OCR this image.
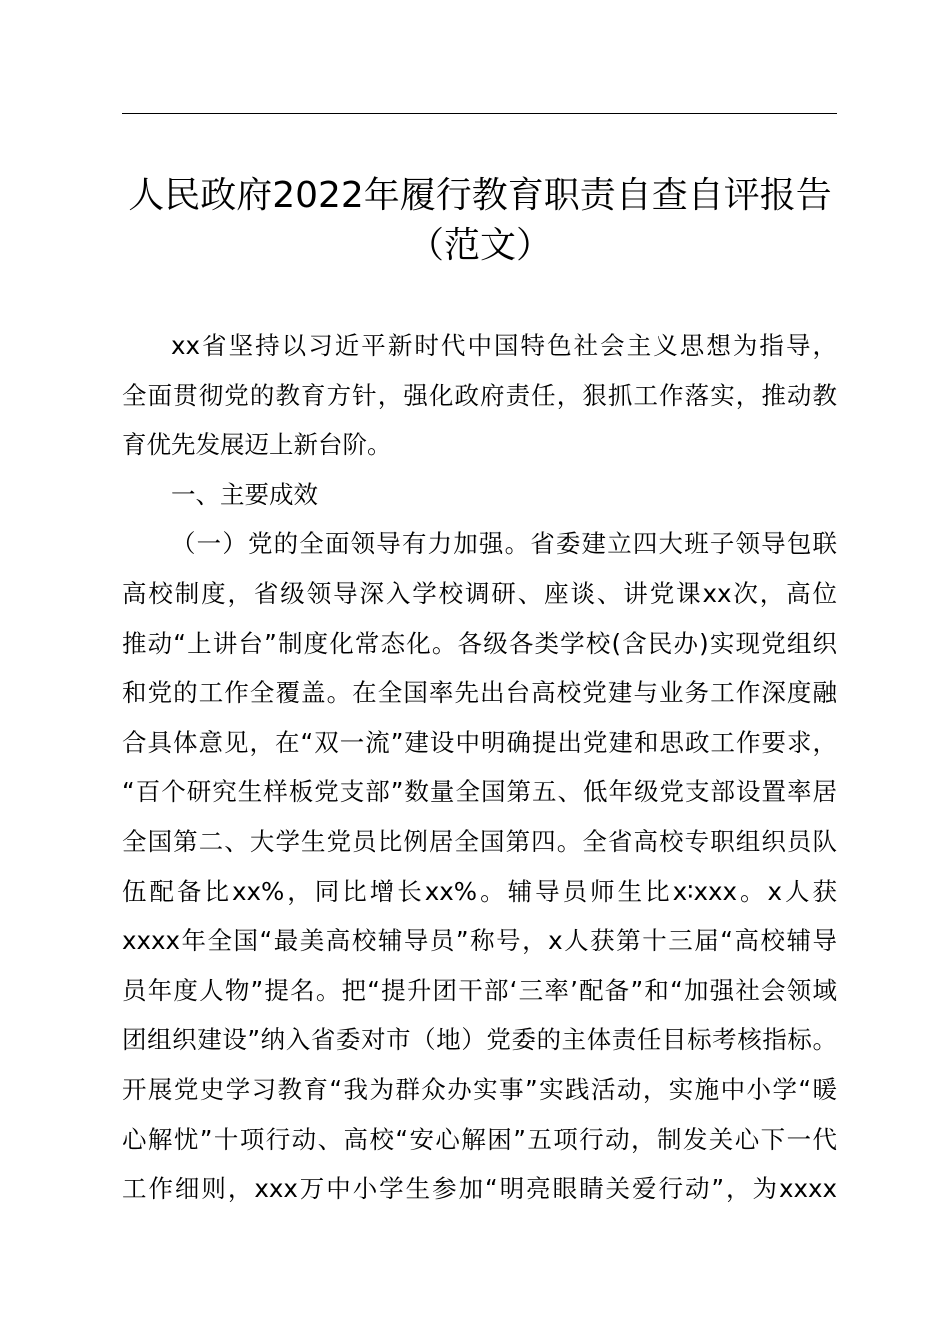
人民政府2022年履行教育职责自查自评报告
（范文）
xx省坚持以习近平新时代中国特色社会主义思想为指导，
全面贯彻党的教育方针，强化政府责任，狠抓工作落实，推动教
育优先发展迈上新台阶。
一、主要成效
（一）党的全面领导有力加强。省委建立四大班子领导包联
高校制度，省级领导深入学校调研、座谈、讲党课xx次，高位
推动“上讲台”制度化常态化。各级各类学校(含民办)实现党组织
和党的工作全覆盖。在全国率先出台高校党建与业务工作深度融
合具体意见，在“双一流”建设中明确提出党建和思政工作要求，
“百个研究生样板党支部”数量全国第五、低年级党支部设置率居
全国第二、大学生党员比例居全国第四。全省高校专职组织员队
伍配备比xx%，同比增长xx%。辅导员师生比x∶xxx。x人获
xxxx年全国“最美高校辅导员”称号，x人获第十三届“高校辅导
员年度人物”提名。把“提升团干部‘三率’配备”和“加强社会领域
团组织建设”纳入省委对市（地）党委的主体责任目标考核指标。
开展党史学习教育“我为群众办实事”实践活动，实施中小学“暖
心解忧”十项行动、高校“安心解困”五项行动，制发关心下一代
工作细则，xxx万中小学生参加“明亮眼睛关爱行动”，为xxxx
